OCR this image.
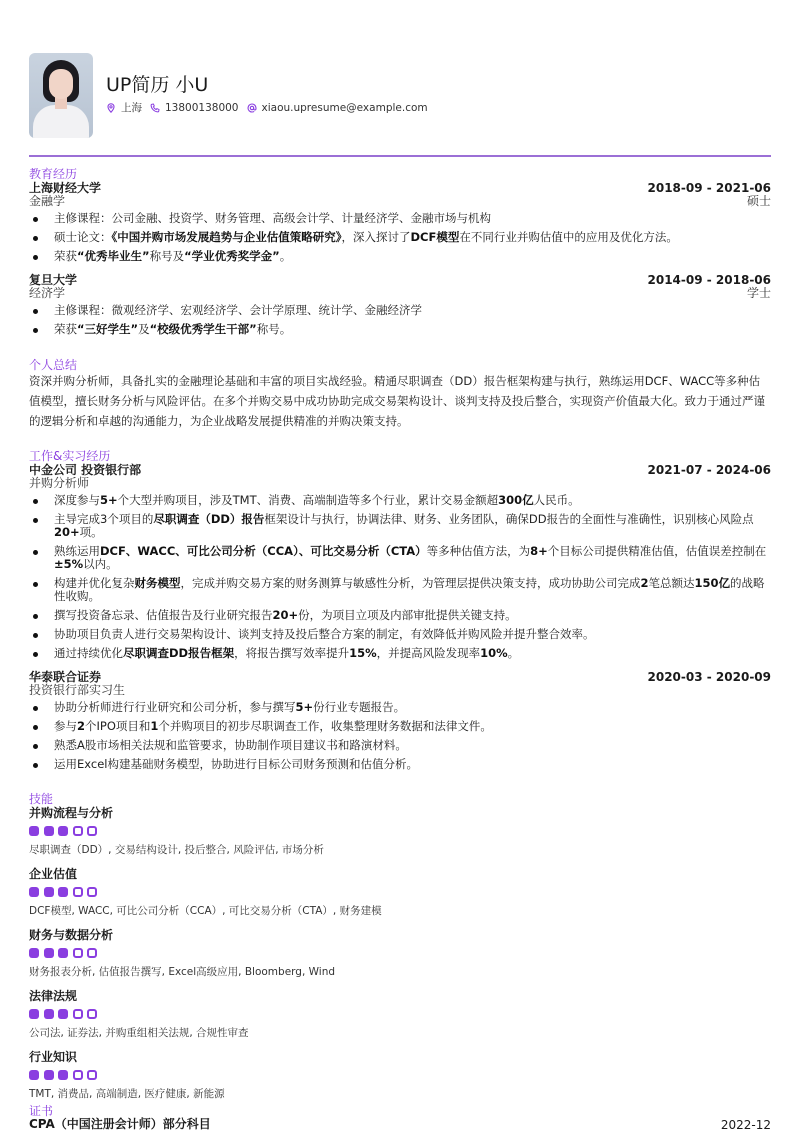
UP简历 小U
上海 13800138000 xiaou.upresume@example.com
教育经历
上海财经大学
金融学
2018-09 - 2021-06
硕士
主修课程：公司金融、投资学、财务管理、高级会计学、计量经济学、金融市场与机构
硕士论文：《中国并购市场发展趋势与企业估值策略研究》，深入探讨了DCF模型在不同行业并购估值中的应用及优化方法。
荣获“优秀毕业生”称号及“学业优秀奖学金”。
复旦大学
经济学
2014-09 - 2018-06
学士
主修课程：微观经济学、宏观经济学、会计学原理、统计学、金融经济学
荣获“三好学生”及“校级优秀学生干部”称号。
个人总结
资深并购分析师，具备扎实的金融理论基础和丰富的项目实战经验。精通尽职调查（DD）报告框架构建与执行，熟练运用DCF、WACC等多种估值模型，擅长财务分析与风险评估。在多个并购交易中成功协助完成交易架构设计、谈判支持及投后整合，实现资产价值最大化。致力于通过严谨的逻辑分析和卓越的沟通能力，为企业战略发展提供精准的并购决策支持。
工作&实习经历
中金公司 投资银行部
并购分析师
2021-07 - 2024-06
深度参与5+个大型并购项目，涉及TMT、消费、高端制造等多个行业，累计交易金额超300亿人民币。
主导完成3个项目的尽职调查（DD）报告框架设计与执行，协调法律、财务、业务团队，确保DD报告的全面性与准确性，识别核心风险点20+项。
熟练运用DCF、WACC、可比公司分析（CCA）、可比交易分析（CTA）等多种估值方法，为8+个目标公司提供精准估值，估值误差控制在±5%以内。
构建并优化复杂财务模型，完成并购交易方案的财务测算与敏感性分析，为管理层提供决策支持，成功协助公司完成2笔总额达150亿的战略性收购。
撰写投资备忘录、估值报告及行业研究报告20+份，为项目立项及内部审批提供关键支持。
协助项目负责人进行交易架构设计、谈判支持及投后整合方案的制定，有效降低并购风险并提升整合效率。
通过持续优化尽职调查DD报告框架，将报告撰写效率提升15%，并提高风险发现率10%。
华泰联合证券
投资银行部实习生
2020-03 - 2020-09
协助分析师进行行业研究和公司分析，参与撰写5+份行业专题报告。
参与2个IPO项目和1个并购项目的初步尽职调查工作，收集整理财务数据和法律文件。
熟悉A股市场相关法规和监管要求，协助制作项目建议书和路演材料。
运用Excel构建基础财务模型，协助进行目标公司财务预测和估值分析。
技能
并购流程与分析
尽职调查（DD）, 交易结构设计, 投后整合, 风险评估, 市场分析
企业估值
DCF模型, WACC, 可比公司分析（CCA）, 可比交易分析（CTA）, 财务建模
财务与数据分析
财务报表分析, 估值报告撰写, Excel高级应用, Bloomberg, Wind
法律法规
公司法, 证券法, 并购重组相关法规, 合规性审查
行业知识
TMT, 消费品, 高端制造, 医疗健康, 新能源
证书
CPA（中国注册会计师）部分科目	2022-12
